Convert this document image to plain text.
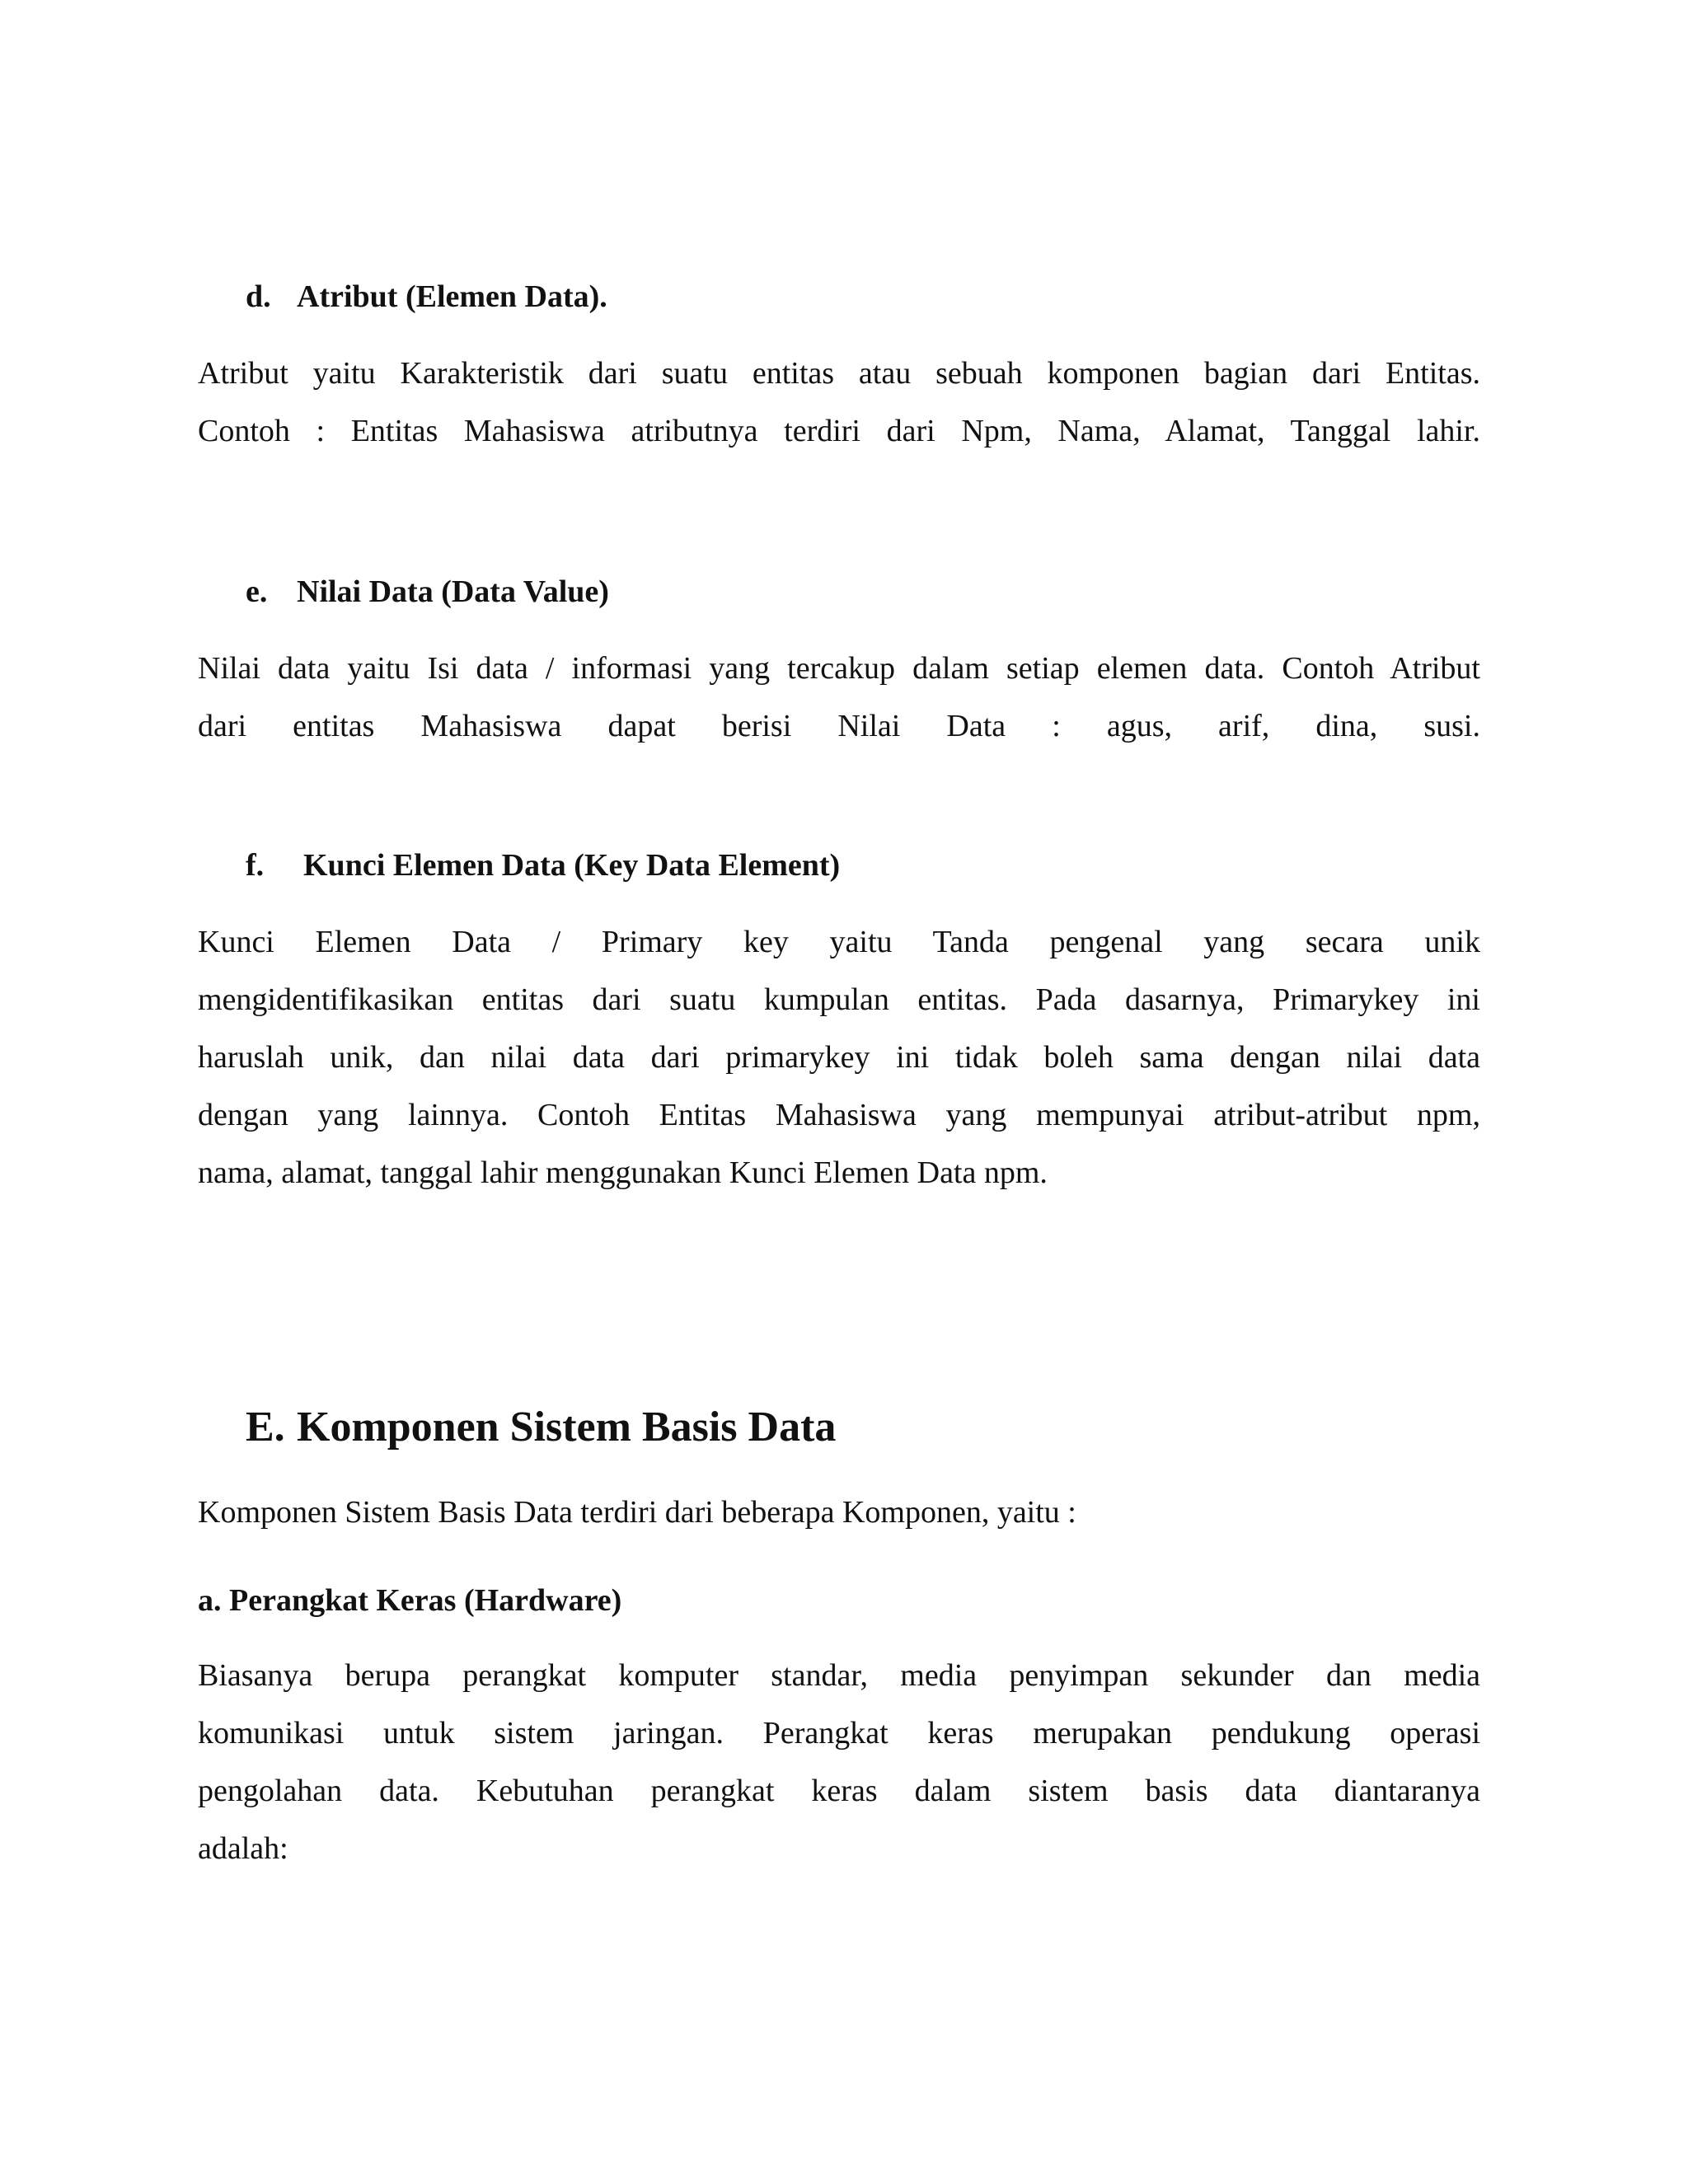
d. Atribut (Elemen Data).

Atribut yaitu Karakteristik dari suatu entitas atau sebuah komponen bagian dari Entitas.

Contoh : Entitas Mahasiswa atributnya terdiri dari Npm, Nama, Alamat, Tanggal lahir.

e. Nilai Data (Data Value)

Nilai data yaitu Isi data / informasi yang tercakup dalam setiap elemen data. Contoh Atribut

dari entitas Mahasiswa dapat berisi Nilai Data : agus, arif, dina, susi.

f. Kunci Elemen Data (Key Data Element)

Kunci Elemen Data / Primary key yaitu Tanda pengenal yang secara unik

mengidentifikasikan entitas dari suatu kumpulan entitas. Pada dasarnya, Primarykey ini

haruslah unik, dan nilai data dari primarykey ini tidak boleh sama dengan nilai data

dengan yang lainnya. Contoh Entitas Mahasiswa yang mempunyai atribut-atribut npm,

nama, alamat, tanggal lahir menggunakan Kunci Elemen Data npm.

E. Komponen Sistem Basis Data

Komponen Sistem Basis Data terdiri dari beberapa Komponen, yaitu :

a. Perangkat Keras (Hardware)

Biasanya berupa perangkat komputer standar, media penyimpan sekunder dan media

komunikasi untuk sistem jaringan. Perangkat keras merupakan pendukung operasi

pengolahan data. Kebutuhan perangkat keras dalam sistem basis data diantaranya

adalah:
